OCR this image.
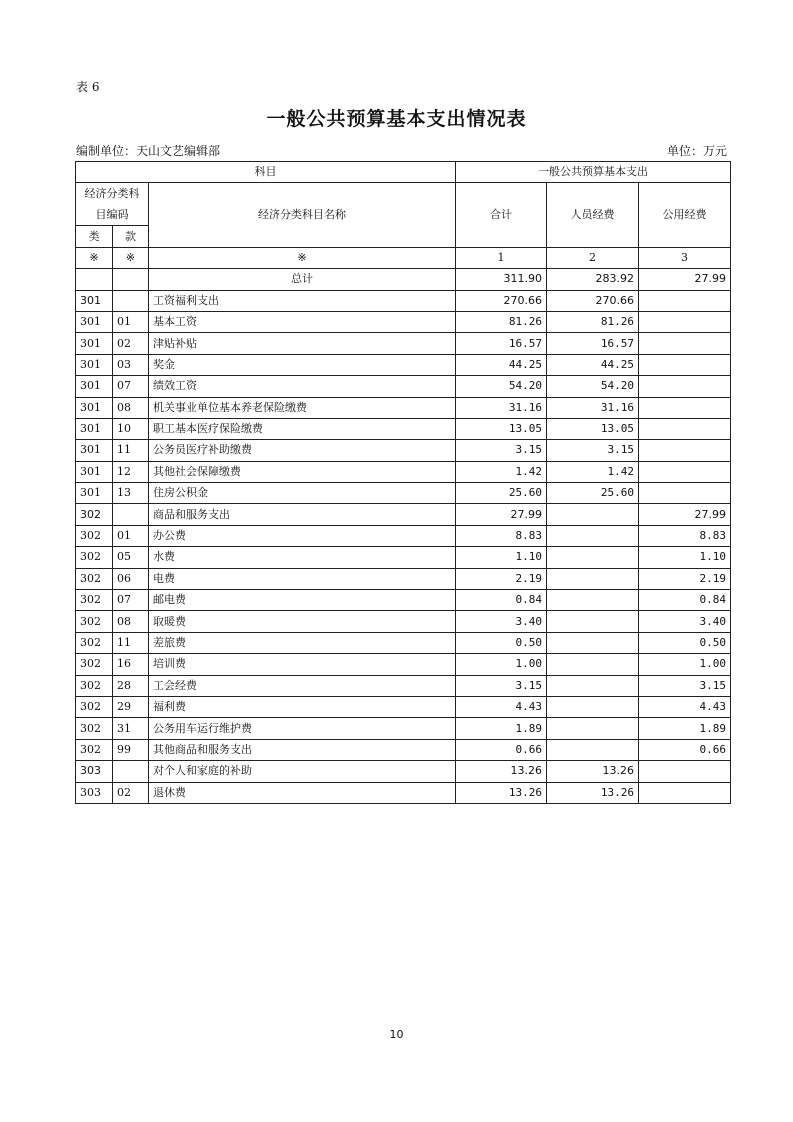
表 6
一般公共预算基本支出情况表
编制单位：天山文艺编辑部	单位：万元
科目			一般公共预算基本支出		
经济分类科目编码		经济分类科目名称	合计	人员经费	公用经费
类	款				
※	※	※	1	2	3
		总计	311.90	283.92	27.99
301		工资福利支出	270.66	270.66	
301	01	基本工资	81.26	81.26	
301	02	津贴补贴	16.57	16.57	
301	03	奖金	44.25	44.25	
301	07	绩效工资	54.20	54.20	
301	08	机关事业单位基本养老保险缴费	31.16	31.16	
301	10	职工基本医疗保险缴费	13.05	13.05	
301	11	公务员医疗补助缴费	3.15	3.15	
301	12	其他社会保障缴费	1.42	1.42	
301	13	住房公积金	25.60	25.60	
302		商品和服务支出	27.99		27.99
302	01	办公费	8.83		8.83
302	05	水费	1.10		1.10
302	06	电费	2.19		2.19
302	07	邮电费	0.84		0.84
302	08	取暖费	3.40		3.40
302	11	差旅费	0.50		0.50
302	16	培训费	1.00		1.00
302	28	工会经费	3.15		3.15
302	29	福利费	4.43		4.43
302	31	公务用车运行维护费	1.89		1.89
302	99	其他商品和服务支出	0.66		0.66
303		对个人和家庭的补助	13.26	13.26	
303	02	退休费	13.26	13.26	
10
